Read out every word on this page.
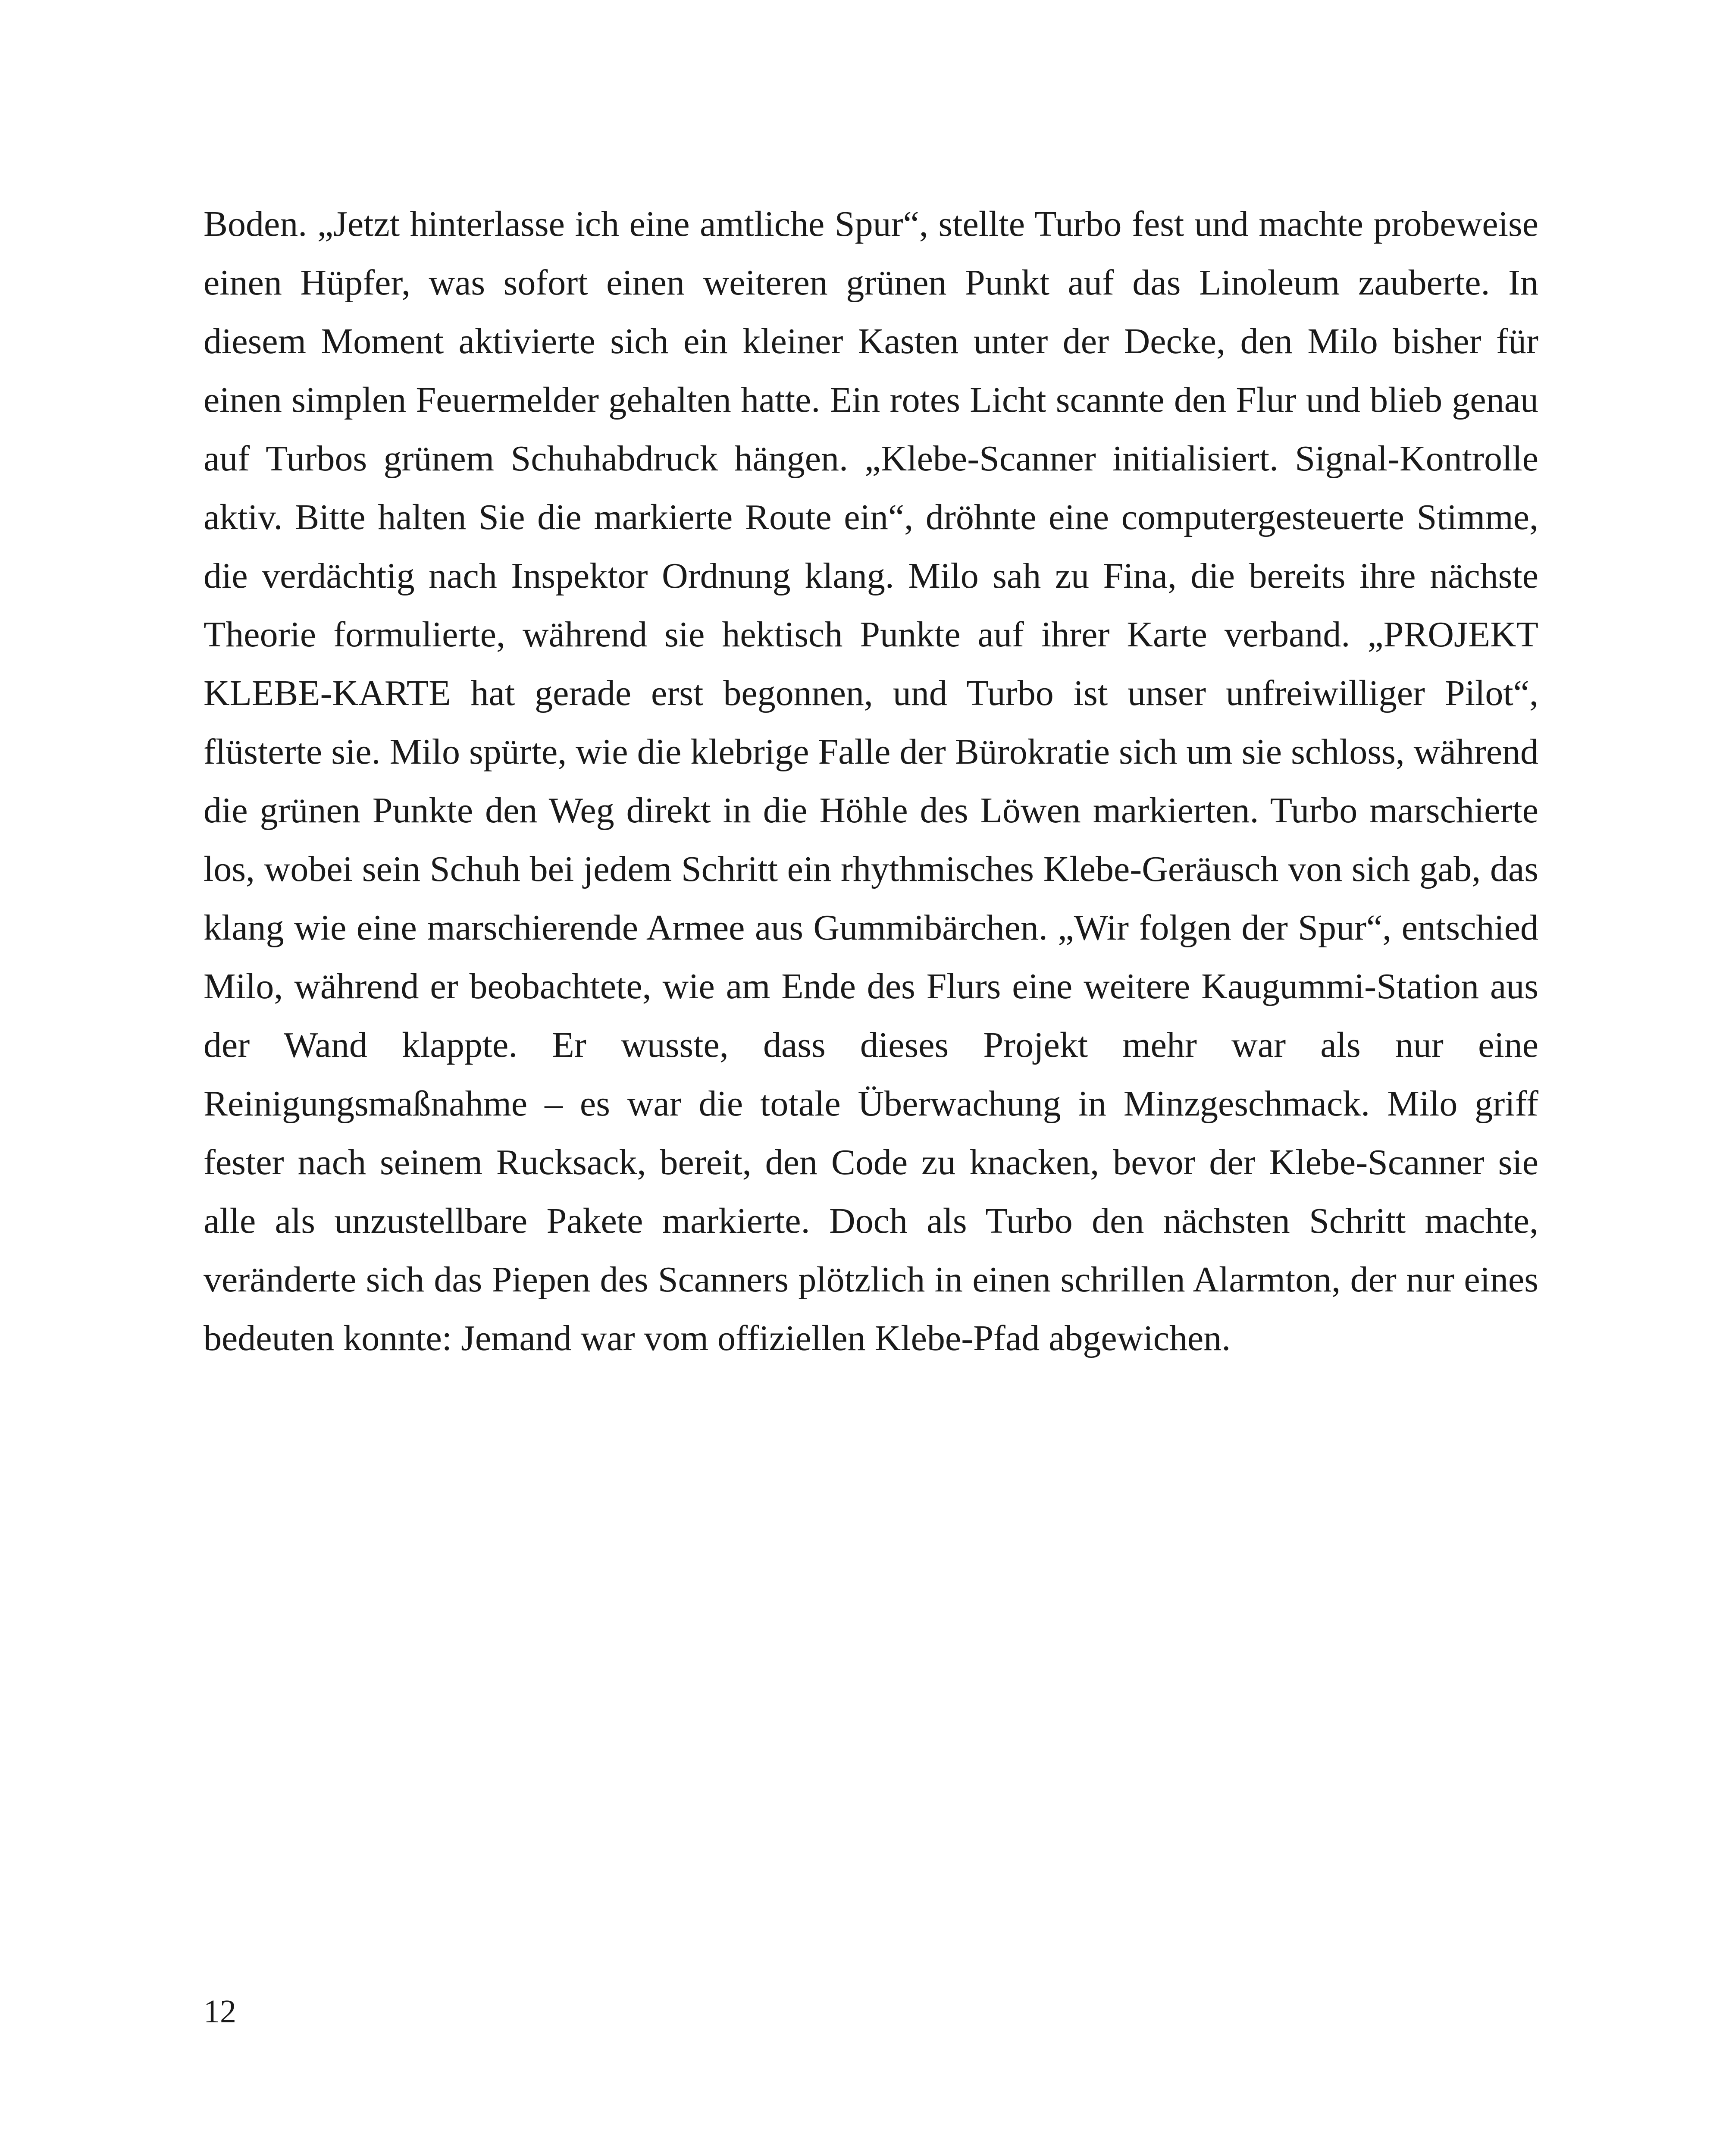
Boden. „Jetzt hinterlasse ich eine amtliche Spur“, stellte Turbo fest und machte probeweise einen Hüpfer, was sofort einen weiteren grünen Punkt auf das Linoleum zauberte. In diesem Moment aktivierte sich ein kleiner Kasten unter der Decke, den Milo bisher für einen simplen Feuermelder gehalten hatte. Ein rotes Licht scannte den Flur und blieb genau auf Turbos grünem Schuhabdruck hängen. „Klebe-Scanner initialisiert. Signal-Kontrolle aktiv. Bitte halten Sie die markierte Route ein“, dröhnte eine computergesteuerte Stimme, die verdächtig nach Inspektor Ordnung klang. Milo sah zu Fina, die bereits ihre nächste Theorie formulierte, während sie hektisch Punkte auf ihrer Karte verband. „PROJEKT KLEBE-KARTE hat gerade erst begonnen, und Turbo ist unser unfreiwilliger Pilot“, flüsterte sie. Milo spürte, wie die klebrige Falle der Bürokratie sich um sie schloss, während die grünen Punkte den Weg direkt in die Höhle des Löwen markierten. Turbo marschierte los, wobei sein Schuh bei jedem Schritt ein rhythmisches Klebe-Geräusch von sich gab, das klang wie eine marschierende Armee aus Gummibärchen. „Wir folgen der Spur“, entschied Milo, während er beobachtete, wie am Ende des Flurs eine weitere Kaugummi-Station aus der Wand klappte. Er wusste, dass dieses Projekt mehr war als nur eine Reinigungsmaßnahme – es war die totale Überwachung in Minzgeschmack. Milo griff fester nach seinem Rucksack, bereit, den Code zu knacken, bevor der Klebe-Scanner sie alle als unzustellbare Pakete markierte. Doch als Turbo den nächsten Schritt machte, veränderte sich das Piepen des Scanners plötzlich in einen schrillen Alarmton, der nur eines bedeuten konnte: Jemand war vom offiziellen Klebe-Pfad abgewichen.

12
